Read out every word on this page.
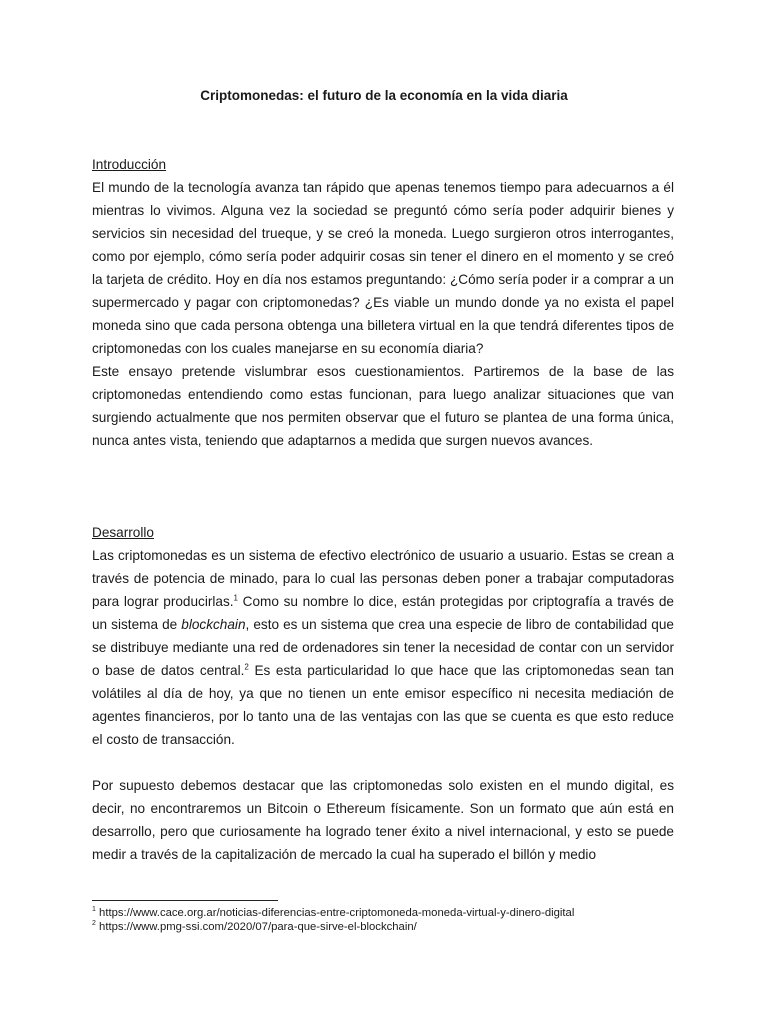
Criptomonedas: el futuro de la economía en la vida diaria
Introducción

El mundo de la tecnología avanza tan rápido que apenas tenemos tiempo para adecuarnos a él mientras lo vivimos. Alguna vez la sociedad se preguntó cómo sería poder adquirir bienes y servicios sin necesidad del trueque, y se creó la moneda. Luego surgieron otros interrogantes, como por ejemplo, cómo sería poder adquirir cosas sin tener el dinero en el momento y se creó la tarjeta de crédito. Hoy en día nos estamos preguntando: ¿Cómo sería poder ir a comprar a un supermercado y pagar con criptomonedas? ¿Es viable un mundo donde ya no exista el papel moneda sino que cada persona obtenga una billetera virtual en la que tendrá diferentes tipos de criptomonedas con los cuales manejarse en su economía diaria?

Este ensayo pretende vislumbrar esos cuestionamientos. Partiremos de la base de las criptomonedas entendiendo como estas funcionan, para luego analizar situaciones que van surgiendo actualmente que nos permiten observar que el futuro se plantea de una forma única, nunca antes vista, teniendo que adaptarnos a medida que surgen nuevos avances.

Desarrollo

Las criptomonedas es un sistema de efectivo electrónico de usuario a usuario. Estas se crean a través de potencia de minado, para lo cual las personas deben poner a trabajar computadoras para lograr producirlas.$^1$ Como su nombre lo dice, están protegidas por criptografía a través de un sistema de blockchain, esto es un sistema que crea una especie de libro de contabilidad que se distribuye mediante una red de ordenadores sin tener la necesidad de contar con un servidor o base de datos central.$^2$ Es esta particularidad lo que hace que las criptomonedas sean tan volátiles al día de hoy, ya que no tienen un ente emisor específico ni necesita mediación de agentes financieros, por lo tanto una de las ventajas con las que se cuenta es que esto reduce el costo de transacción.

Por supuesto debemos destacar que las criptomonedas solo existen en el mundo digital, es decir, no encontraremos un Bitcoin o Ethereum físicamente. Son un formato que aún está en desarrollo, pero que curiosamente ha logrado tener éxito a nivel internacional, y esto se puede medir a través de la capitalización de mercado la cual ha superado el billón y medio

$^1$ https://www.cace.org.ar/noticias-diferencias-entre-criptomoneda-moneda-virtual-y-dinero-digital
$^2$ https://www.pmg-ssi.com/2020/07/para-que-sirve-el-blockchain/
